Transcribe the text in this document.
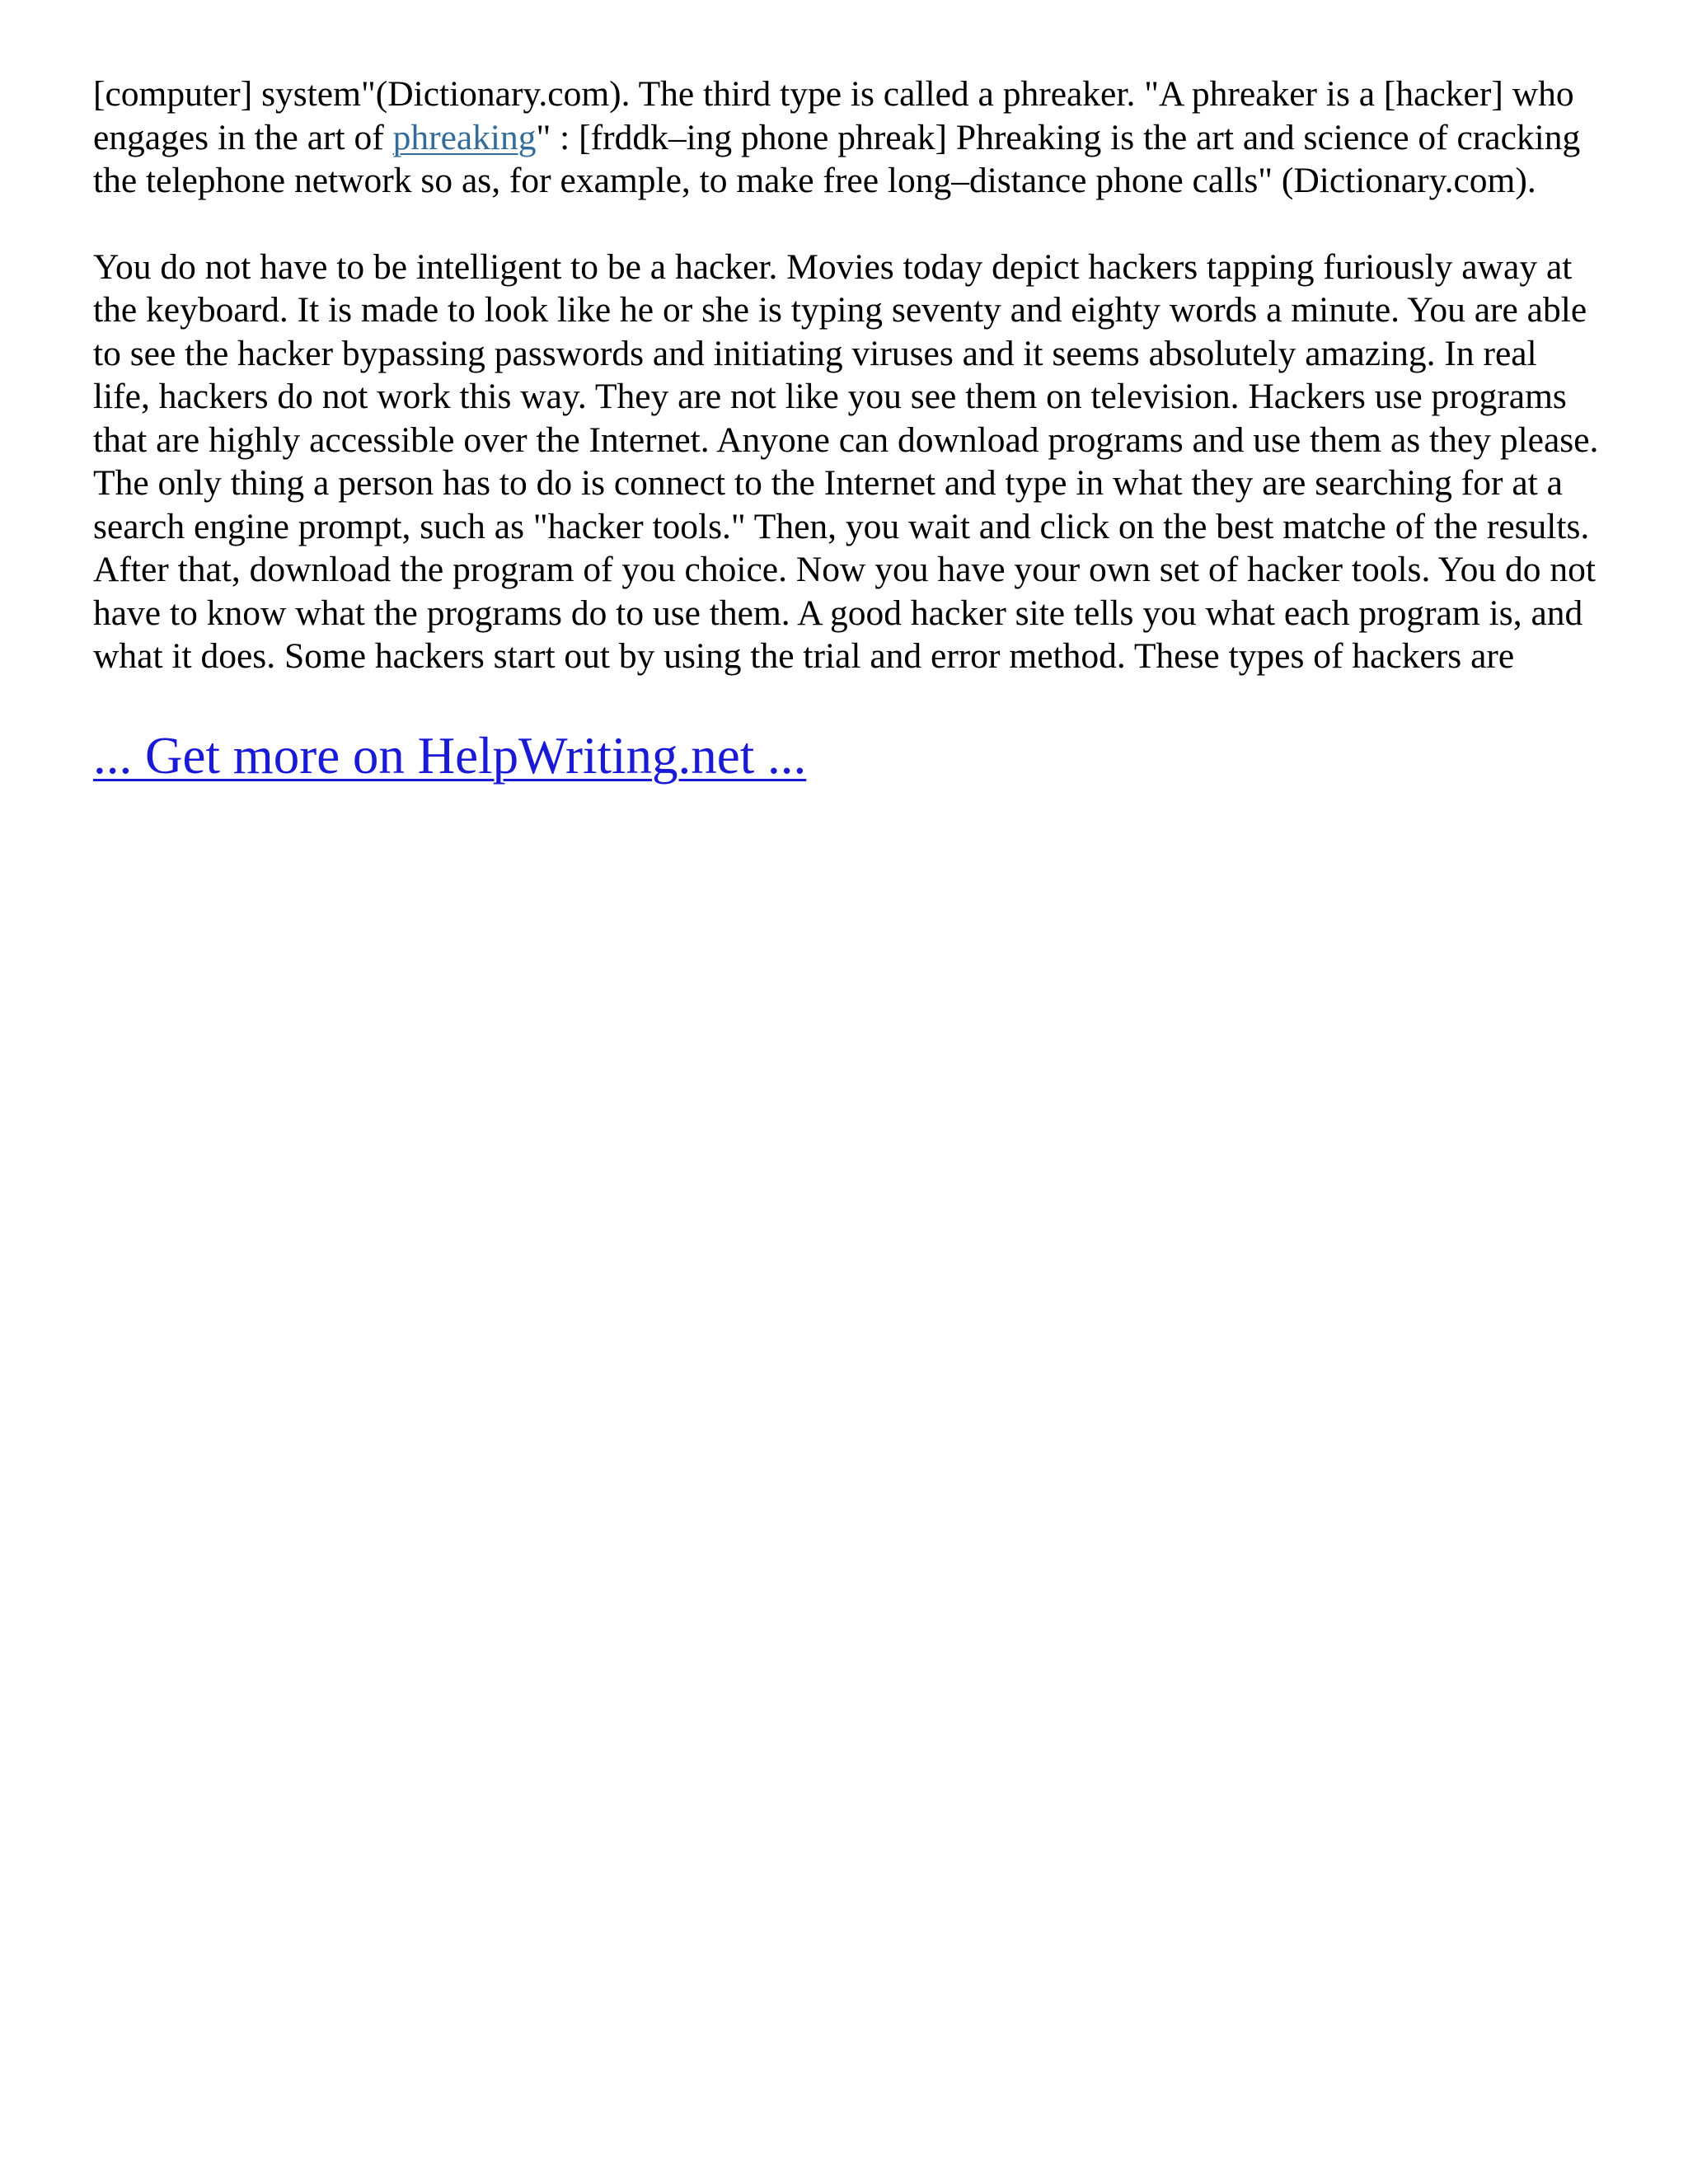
[computer] system"(Dictionary.com). The third type is called a phreaker. "A phreaker is a [hacker] who engages in the art of phreaking" : [frddk–ing phone phreak] Phreaking is the art and science of cracking the telephone network so as, for example, to make free long–distance phone calls" (Dictionary.com).

You do not have to be intelligent to be a hacker. Movies today depict hackers tapping furiously away at the keyboard. It is made to look like he or she is typing seventy and eighty words a minute. You are able to see the hacker bypassing passwords and initiating viruses and it seems absolutely amazing. In real life, hackers do not work this way. They are not like you see them on television. Hackers use programs that are highly accessible over the Internet. Anyone can download programs and use them as they please. The only thing a person has to do is connect to the Internet and type in what they are searching for at a search engine prompt, such as "hacker tools." Then, you wait and click on the best matche of the results. After that, download the program of you choice. Now you have your own set of hacker tools. You do not have to know what the programs do to use them. A good hacker site tells you what each program is, and what it does. Some hackers start out by using the trial and error method. These types of hackers are

... Get more on HelpWriting.net ...
